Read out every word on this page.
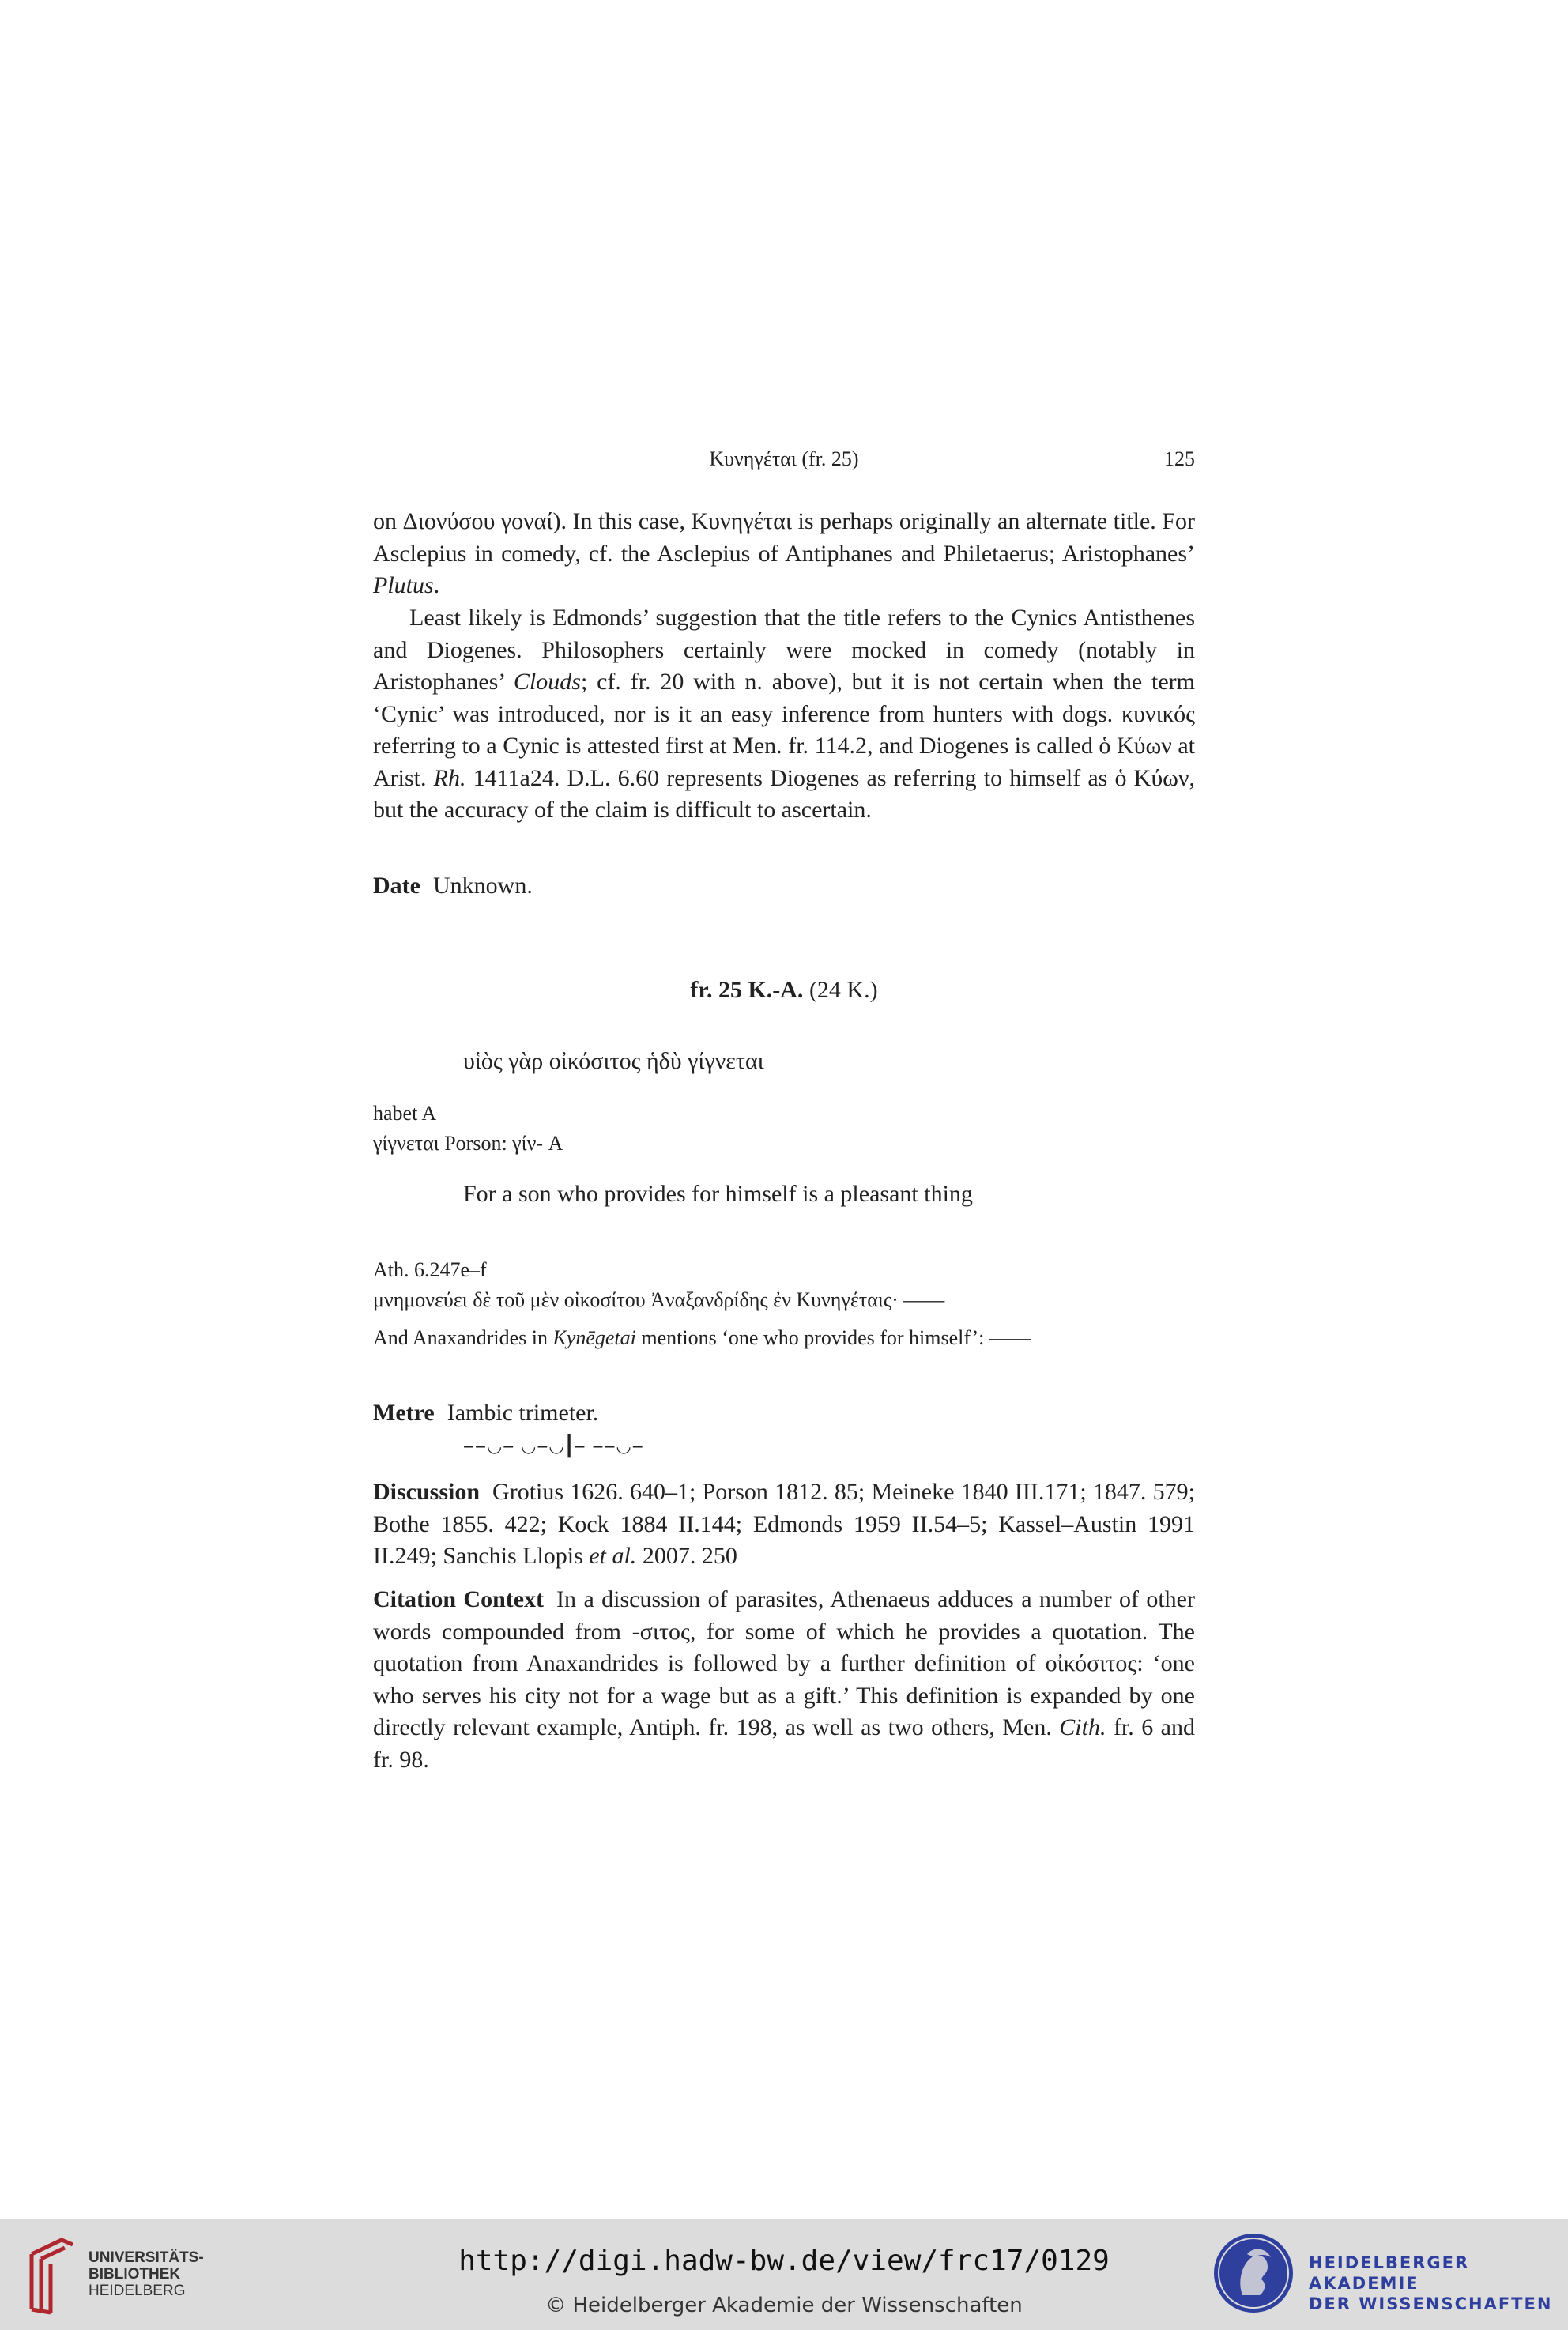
Κυνηγέται (fr. 25)	125

on Διονύσου γοναί). In this case, Κυνηγέται is perhaps originally an alternate title. For Asclepius in comedy, cf. the Asclepius of Antiphanes and Philetaerus; Aristophanes’ Plutus.

Least likely is Edmonds’ suggestion that the title refers to the Cynics Antisthenes and Diogenes. Philosophers certainly were mocked in comedy (notably in Aristophanes’ Clouds; cf. fr. 20 with n. above), but it is not certain when the term ‘Cynic’ was introduced, nor is it an easy inference from hunters with dogs. κυνικός referring to a Cynic is attested first at Men. fr. 114.2, and Diogenes is called ὁ Κύων at Arist. Rh. 1411a24. D.L. 6.60 represents Diogenes as referring to himself as ὁ Κύων, but the accuracy of the claim is difficult to ascertain.

Date Unknown.

fr. 25 K.-A. (24 K.)
υἱὸς γὰρ οἰκόσιτος ἡδὺ γίγνεται
habet A
γίγνεται Porson: γίν- A
For a son who provides for himself is a pleasant thing
Ath. 6.247e–f
μνημονεύει δὲ τοῦ μὲν οἰκοσίτου Ἀναξανδρίδης ἐν Κυνηγέταις· ——
And Anaxandrides in Kynēgetai mentions ‘one who provides for himself’: ——

Metre Iambic trimeter.

‒‒◡‒ ◡‒◡|‒ ‒‒◡‒

Discussion Grotius 1626. 640–1; Porson 1812. 85; Meineke 1840 III.171; 1847. 579; Bothe 1855. 422; Kock 1884 II.144; Edmonds 1959 II.54–5; Kassel–Austin 1991 II.249; Sanchis Llopis et al. 2007. 250

Citation Context In a discussion of parasites, Athenaeus adduces a number of other words compounded from -σιτος, for some of which he provides a quotation. The quotation from Anaxandrides is followed by a further definition of οἰκόσιτος: ‘one who serves his city not for a wage but as a gift.’ This definition is expanded by one directly relevant example, Antiph. fr. 198, as well as two others, Men. Cith. fr. 6 and fr. 98.

UNIVERSITÄTS-
BIBLIOTHEK
HEIDELBERG
http://digi.hadw-bw.de/view/frc17/0129
© Heidelberger Akademie der Wissenschaften
HEIDELBERGER AKADEMIE
DER WISSENSCHAFTEN
